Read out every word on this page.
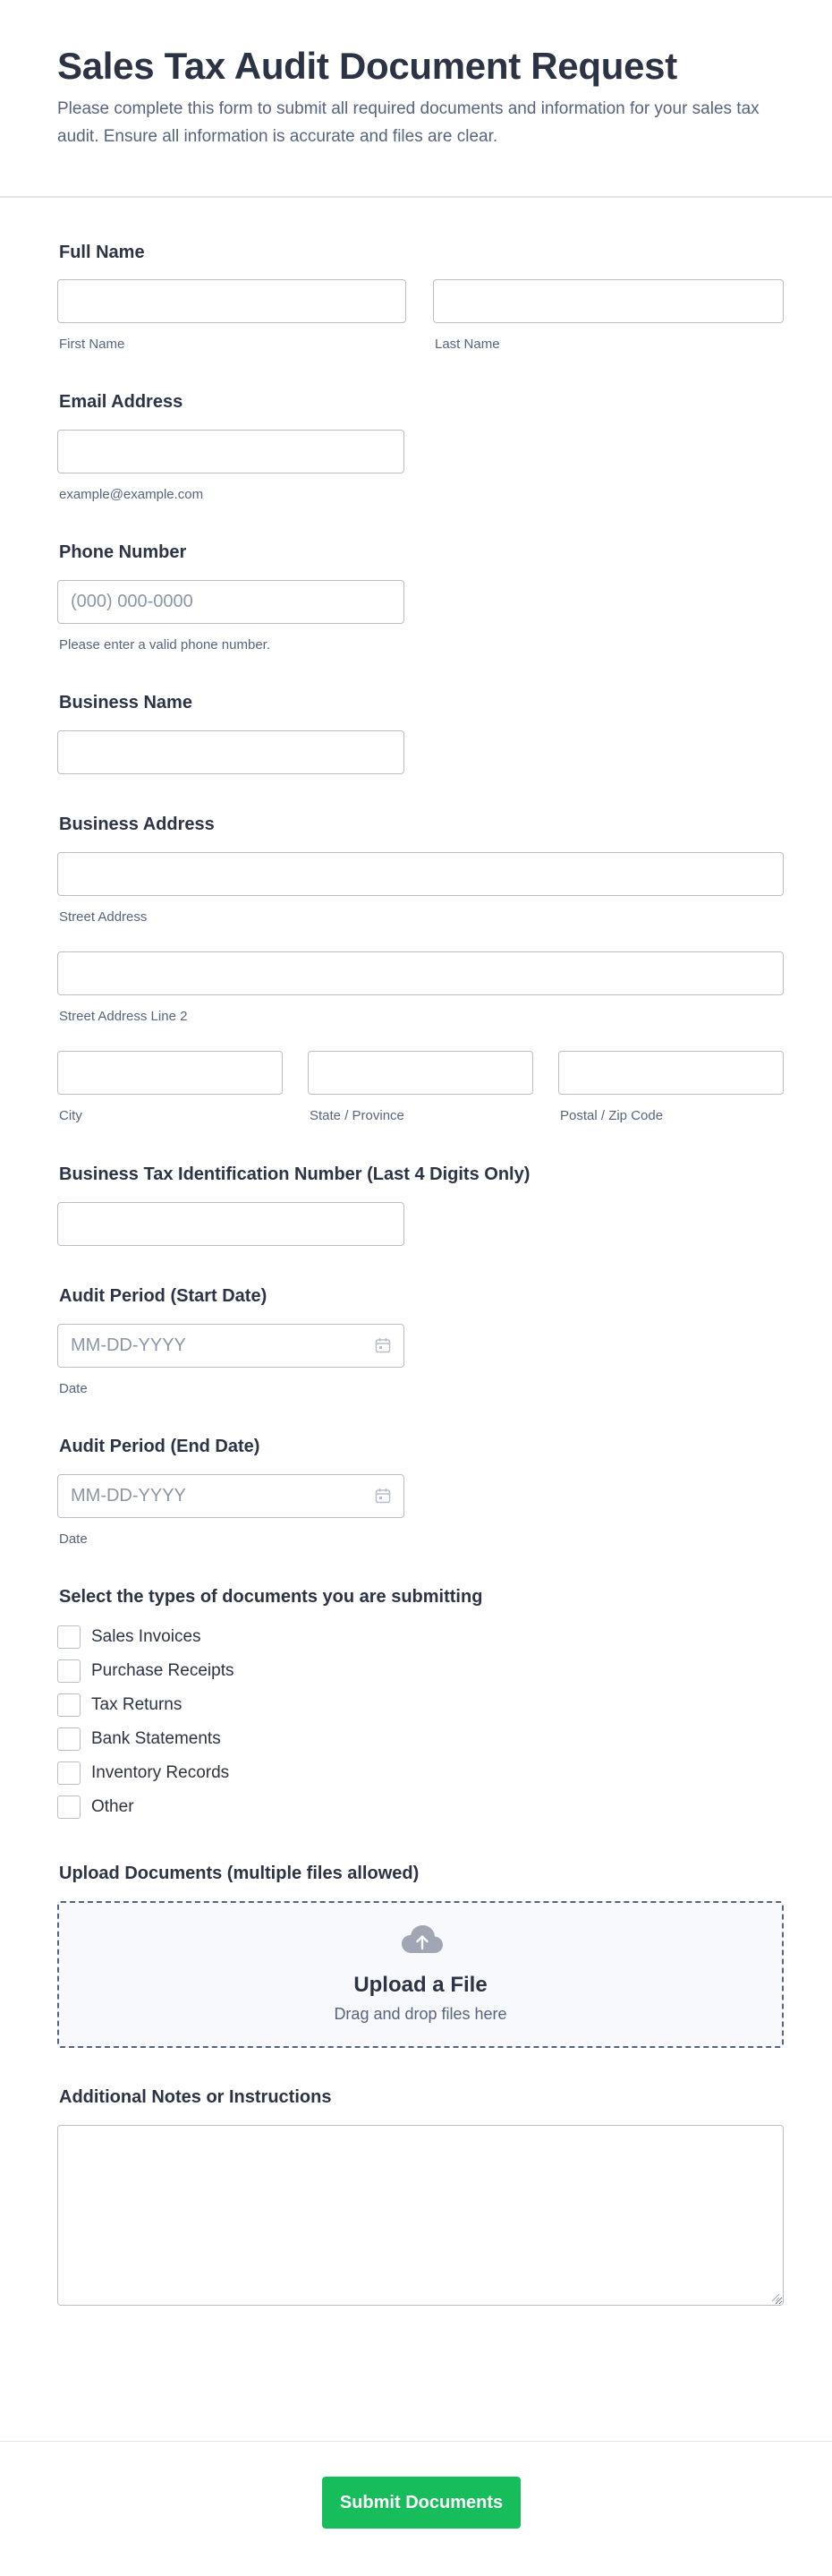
Sales Tax Audit Document Request

Please complete this form to submit all required documents and information for your sales tax audit. Ensure all information is accurate and files are clear.

Full Name
First Name	Last Name
Email Address
example@example.com
Phone Number
(000) 000-0000
Please enter a valid phone number.
Business Name
Business Address
Street Address
Street Address Line 2
City	State / Province	Postal / Zip Code
Business Tax Identification Number (Last 4 Digits Only)
Audit Period (Start Date)
MM-DD-YYYY
Date
Audit Period (End Date)
MM-DD-YYYY
Date
Select the types of documents you are submitting
Sales Invoices
Purchase Receipts
Tax Returns
Bank Statements
Inventory Records
Other
Upload Documents (multiple files allowed)
Upload a File
Drag and drop files here
Additional Notes or Instructions
Submit Documents
